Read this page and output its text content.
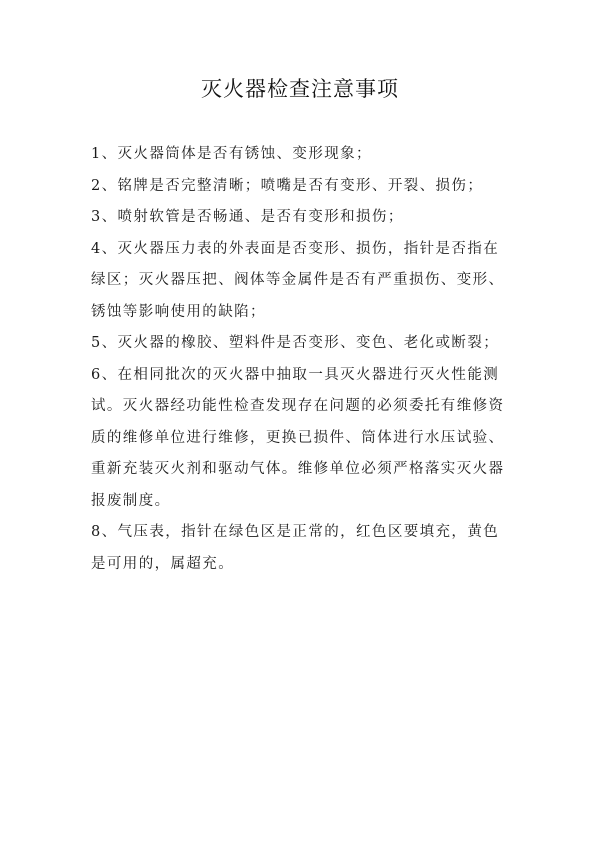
灭火器检查注意事项
1、灭火器筒体是否有锈蚀、变形现象；
2、铭牌是否完整清晰；喷嘴是否有变形、开裂、损伤；
3、喷射软管是否畅通、是否有变形和损伤；
4、灭火器压力表的外表面是否变形、损伤，指针是否指在
绿区；灭火器压把、阀体等金属件是否有严重损伤、变形、
锈蚀等影响使用的缺陷；
5、灭火器的橡胶、塑料件是否变形、变色、老化或断裂；
6、在相同批次的灭火器中抽取一具灭火器进行灭火性能测
试。灭火器经功能性检查发现存在问题的必须委托有维修资
质的维修单位进行维修，更换已损件、筒体进行水压试验、
重新充装灭火剂和驱动气体。维修单位必须严格落实灭火器
报废制度。
8、气压表，指针在绿色区是正常的，红色区要填充，黄色
是可用的，属超充。
